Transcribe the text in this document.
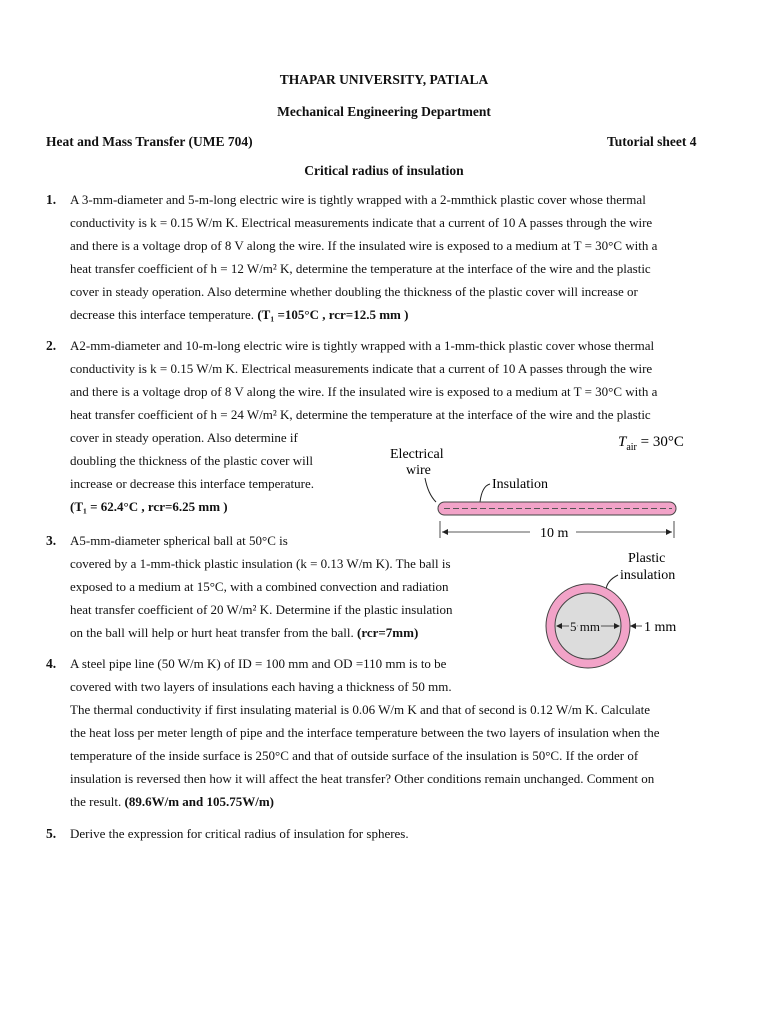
THAPAR UNIVERSITY, PATIALA
Mechanical Engineering Department
Heat and Mass Transfer (UME 704)	Tutorial sheet 4
Critical radius of insulation
1. A 3-mm-diameter and 5-m-long electric wire is tightly wrapped with a 2-mmthick plastic cover whose thermal
conductivity is k = 0.15 W/m K. Electrical measurements indicate that a current of 10 A passes through the wire
and there is a voltage drop of 8 V along the wire. If the insulated wire is exposed to a medium at T = 30°C with a
heat transfer coefficient of h = 12 W/m² K, determine the temperature at the interface of the wire and the plastic
cover in steady operation. Also determine whether doubling the thickness of the plastic cover will increase or
decrease this interface temperature. (T₁ =105°C , rcr=12.5 mm )
2. A2-mm-diameter and 10-m-long electric wire is tightly wrapped with a 1-mm-thick plastic cover whose thermal
conductivity is k = 0.15 W/m K. Electrical measurements indicate that a current of 10 A passes through the wire
and there is a voltage drop of 8 V along the wire. If the insulated wire is exposed to a medium at T = 30°C with a
heat transfer coefficient of h = 24 W/m² K, determine the temperature at the interface of the wire and the plastic
cover in steady operation. Also determine if
doubling the thickness of the plastic cover will
increase or decrease this interface temperature.
(T₁ = 62.4°C , rcr=6.25 mm )
3. A5-mm-diameter spherical ball at 50°C is
covered by a 1-mm-thick plastic insulation (k = 0.13 W/m K). The ball is
exposed to a medium at 15°C, with a combined convection and radiation
heat transfer coefficient of 20 W/m² K. Determine if the plastic insulation
on the ball will help or hurt heat transfer from the ball. (rcr=7mm)
4. A steel pipe line (50 W/m K) of ID = 100 mm and OD =110 mm is to be
covered with two layers of insulations each having a thickness of 50 mm.
The thermal conductivity if first insulating material is 0.06 W/m K and that of second is 0.12 W/m K. Calculate
the heat loss per meter length of pipe and the interface temperature between the two layers of insulation when the
temperature of the inside surface is 250°C and that of outside surface of the insulation is 50°C. If the order of
insulation is reversed then how it will affect the heat transfer? Other conditions remain unchanged. Comment on
the result. (89.6W/m and 105.75W/m)
5. Derive the expression for critical radius of insulation for spheres.
Electrical
wire
$T_{air} = 30^\circ C$
Insulation
10 m
Plastic
insulation
5 mm	1 mm
